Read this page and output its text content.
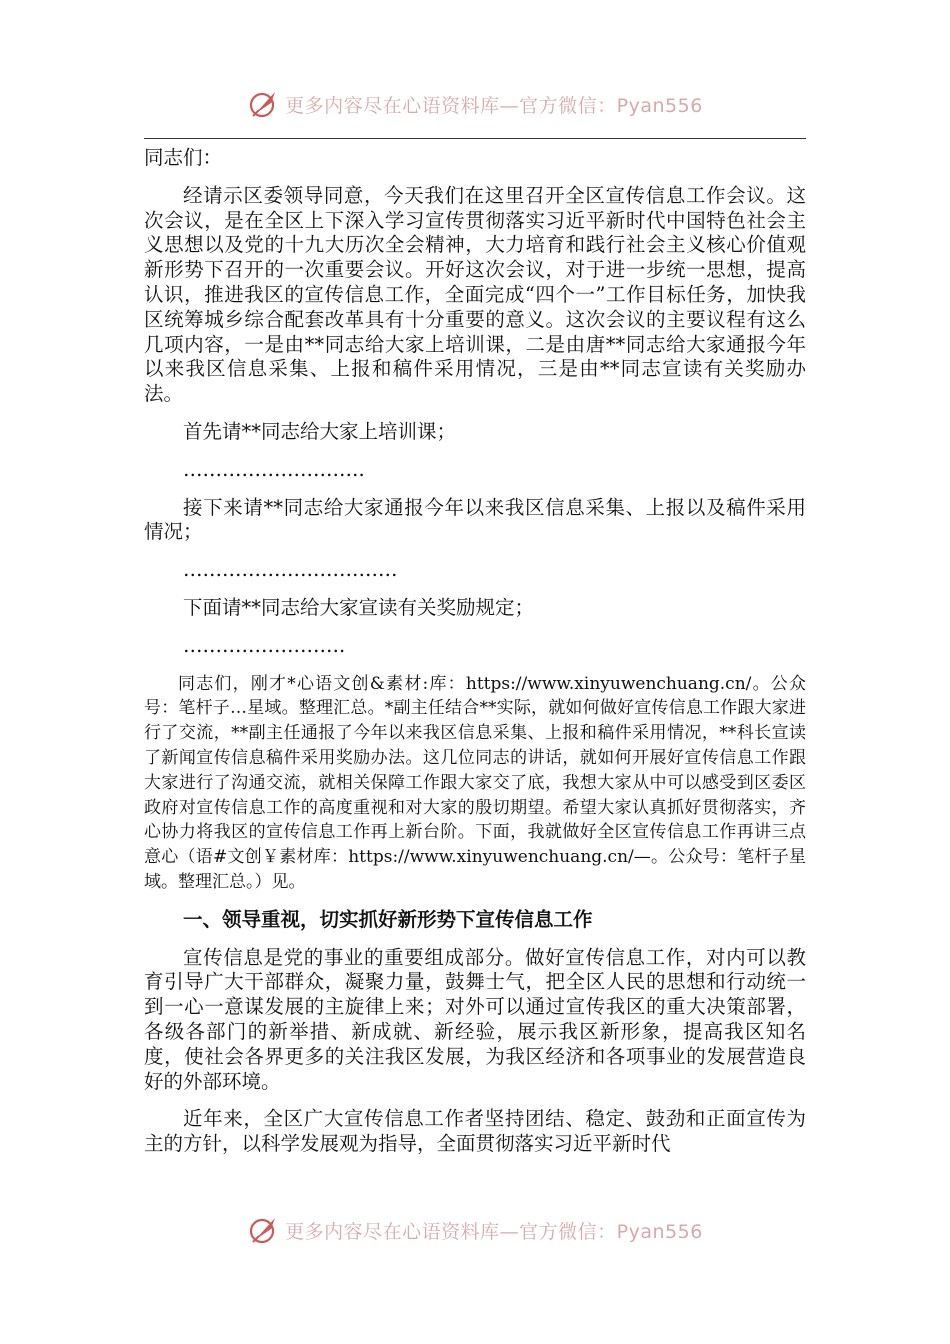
更多内容尽在心语资料库—官方微信：Pyan556

同志们：

经请示区委领导同意，今天我们在这里召开全区宣传信息工作会议。这次会议，是在全区上下深入学习宣传贯彻落实习近平新时代中国特色社会主义思想以及党的十九大历次全会精神，大力培育和践行社会主义核心价值观新形势下召开的一次重要会议。开好这次会议，对于进一步统一思想，提高认识，推进我区的宣传信息工作，全面完成“四个一”工作目标任务，加快我区统筹城乡综合配套改革具有十分重要的意义。这次会议的主要议程有这么几项内容，一是由**同志给大家上培训课，二是由唐**同志给大家通报今年以来我区信息采集、上报和稿件采用情况，三是由**同志宣读有关奖励办法。

首先请**同志给大家上培训课；

……………………….

接下来请**同志给大家通报今年以来我区信息采集、上报以及稿件采用情况；

……………………………

下面请**同志给大家宣读有关奖励规定；

…………………….

同志们，刚才*心语文创&素材:库：https://www.xinyuwenchuang.cn/。公众号：笔杆子…星域。整理汇总。*副主任结合**实际，就如何做好宣传信息工作跟大家进行了交流，**副主任通报了今年以来我区信息采集、上报和稿件采用情况，**科长宣读了新闻宣传信息稿件采用奖励办法。这几位同志的讲话，就如何开展好宣传信息工作跟大家进行了沟通交流，就相关保障工作跟大家交了底，我想大家从中可以感受到区委区政府对宣传信息工作的高度重视和对大家的殷切期望。希望大家认真抓好贯彻落实，齐心协力将我区的宣传信息工作再上新台阶。下面，我就做好全区宣传信息工作再讲三点意心（语#文创￥素材库：https://www.xinyuwenchuang.cn/—。公众号：笔杆子星域。整理汇总。）见。

一、领导重视，切实抓好新形势下宣传信息工作

宣传信息是党的事业的重要组成部分。做好宣传信息工作，对内可以教育引导广大干部群众，凝聚力量，鼓舞士气，把全区人民的思想和行动统一到一心一意谋发展的主旋律上来；对外可以通过宣传我区的重大决策部署，各级各部门的新举措、新成就、新经验，展示我区新形象，提高我区知名度，使社会各界更多的关注我区发展，为我区经济和各项事业的发展营造良好的外部环境。

近年来，全区广大宣传信息工作者坚持团结、稳定、鼓劲和正面宣传为主的方针，以科学发展观为指导，全面贯彻落实习近平新时代

更多内容尽在心语资料库—官方微信：Pyan556
